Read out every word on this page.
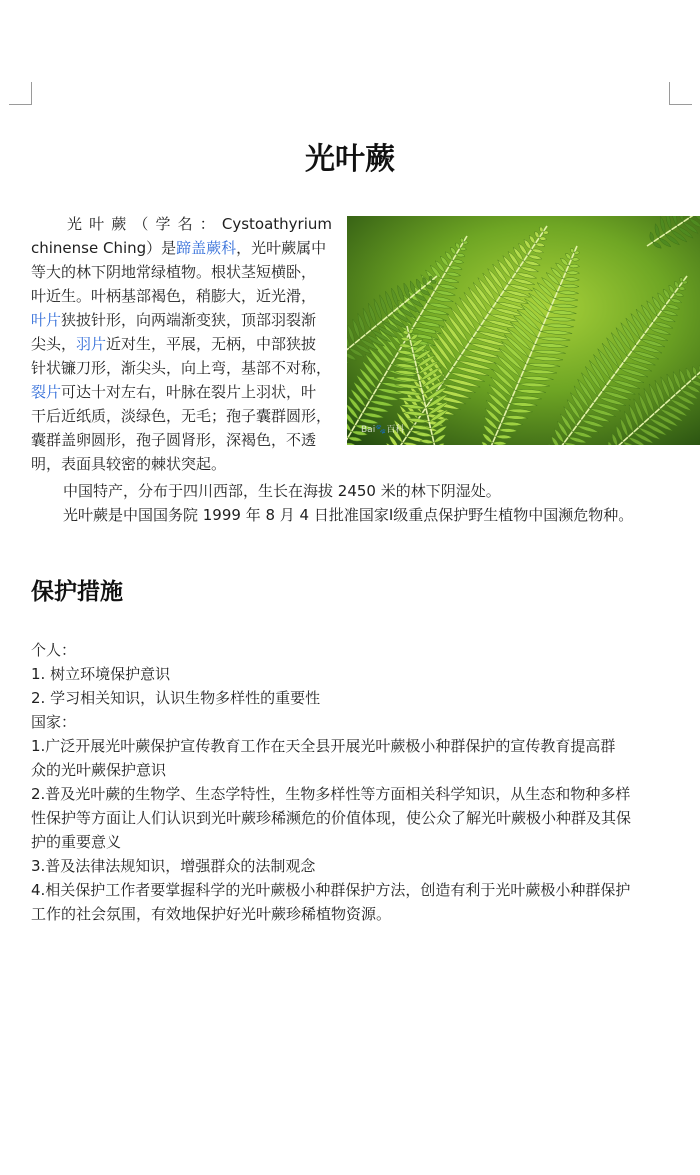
光叶蕨
Bai🐾百科
光 叶 蕨 （ 学 名 ： Cystoathyrium
chinense Ching）是蹄盖蕨科，光叶蕨属中
等大的林下阴地常绿植物。根状茎短横卧，
叶近生。叶柄基部褐色，稍膨大，近光滑，
叶片狭披针形，向两端渐变狭，顶部羽裂渐
尖头，羽片近对生，平展，无柄，中部狭披
针状镰刀形，渐尖头，向上弯，基部不对称，
裂片可达十对左右，叶脉在裂片上羽状，叶
干后近纸质，淡绿色，无毛；孢子囊群圆形，
囊群盖卵圆形，孢子圆肾形，深褐色，不透
明，表面具较密的棘状突起。
中国特产，分布于四川西部，生长在海拔 2450 米的林下阴湿处。
光叶蕨是中国国务院 1999 年 8 月 4 日批准国家I级重点保护野生植物中国濒危物种。
保护措施
个人：
1. 树立环境保护意识
2. 学习相关知识，认识生物多样性的重要性
国家：
1.广泛开展光叶蕨保护宣传教育工作在天全县开展光叶蕨极小种群保护的宣传教育提高群
众的光叶蕨保护意识
2.普及光叶蕨的生物学、生态学特性，生物多样性等方面相关科学知识，从生态和物种多样
性保护等方面让人们认识到光叶蕨珍稀濒危的价值体现，使公众了解光叶蕨极小种群及其保
护的重要意义
3.普及法律法规知识，增强群众的法制观念
4.相关保护工作者要掌握科学的光叶蕨极小种群保护方法，创造有利于光叶蕨极小种群保护
工作的社会氛围，有效地保护好光叶蕨珍稀植物资源。
